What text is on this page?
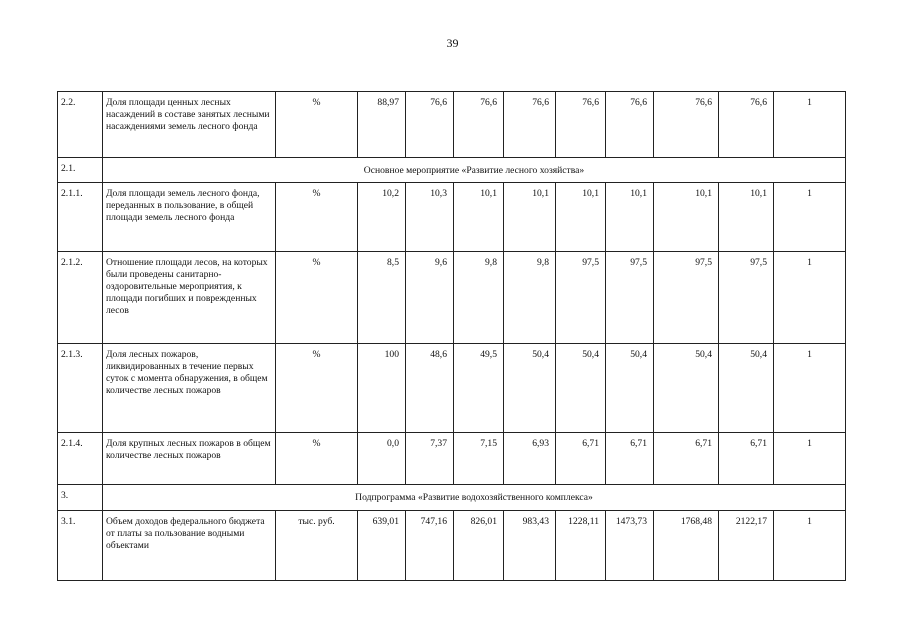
39
2.2.	Доля площади ценных лесных насаждений в составе занятых лесными насаждениями земель лесного фонда	%	88,97	76,6	76,6	76,6	76,6	76,6	76,6	76,6	1
2.1.	Основное мероприятие «Развитие лесного хозяйства»										
2.1.1.	Доля площади земель лесного фонда, переданных в пользование, в общей площади земель лесного фонда	%	10,2	10,3	10,1	10,1	10,1	10,1	10,1	10,1	1
2.1.2.	Отношение площади лесов, на которых были проведены санитарно-оздоровительные мероприятия, к площади погибших и поврежденных лесов	%	8,5	9,6	9,8	9,8	97,5	97,5	97,5	97,5	1
2.1.3.	Доля лесных пожаров, ликвидированных в течение первых суток с момента обнаружения, в общем количестве лесных пожаров	%	100	48,6	49,5	50,4	50,4	50,4	50,4	50,4	1
2.1.4.	Доля крупных лесных пожаров в общем количестве лесных пожаров	%	0,0	7,37	7,15	6,93	6,71	6,71	6,71	6,71	1
3.	Подпрограмма «Развитие водохозяйственного комплекса»										
3.1.	Объем доходов федерального бюджета от платы за пользование водными объектами	тыс. руб.	639,01	747,16	826,01	983,43	1228,11	1473,73	1768,48	2122,17	1
